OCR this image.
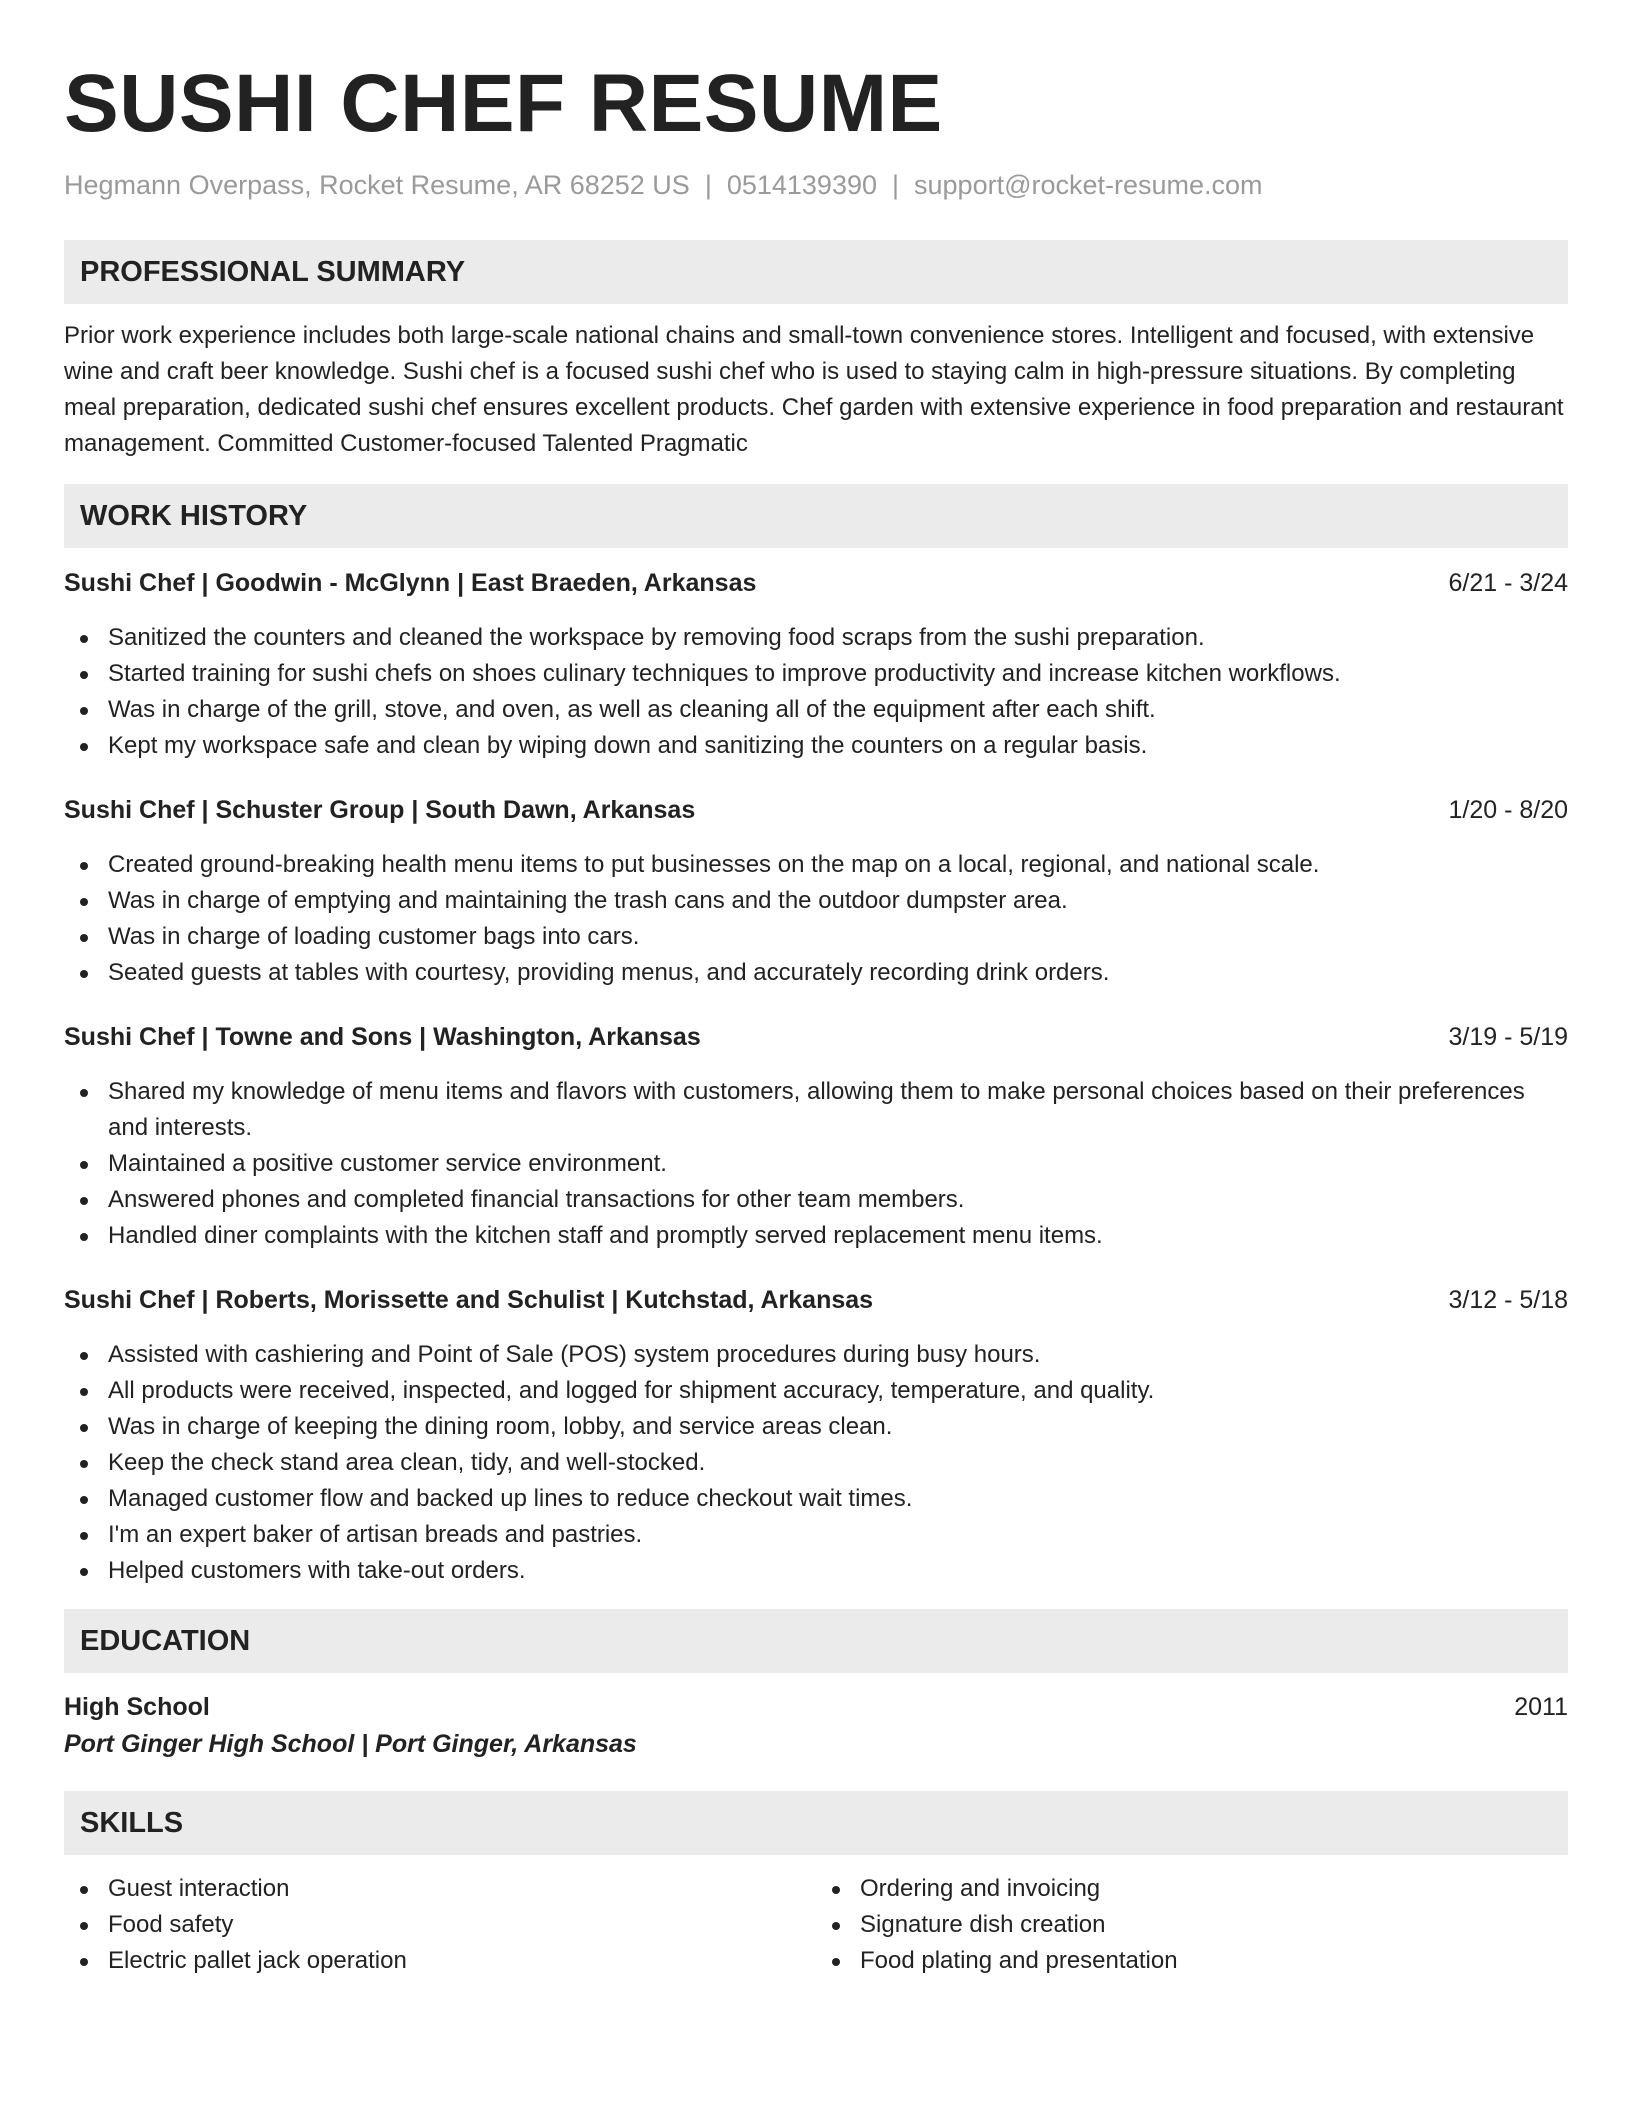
SUSHI CHEF RESUME
Hegmann Overpass, Rocket Resume, AR 68252 US | 0514139390 | support@rocket-resume.com
PROFESSIONAL SUMMARY
Prior work experience includes both large-scale national chains and small-town convenience stores. Intelligent and focused, with extensive wine and craft beer knowledge. Sushi chef is a focused sushi chef who is used to staying calm in high-pressure situations. By completing meal preparation, dedicated sushi chef ensures excellent products. Chef garden with extensive experience in food preparation and restaurant management. Committed Customer-focused Talented Pragmatic
WORK HISTORY
Sushi Chef | Goodwin - McGlynn | East Braeden, Arkansas	6/21 - 3/24
Sanitized the counters and cleaned the workspace by removing food scraps from the sushi preparation.
Started training for sushi chefs on shoes culinary techniques to improve productivity and increase kitchen workflows.
Was in charge of the grill, stove, and oven, as well as cleaning all of the equipment after each shift.
Kept my workspace safe and clean by wiping down and sanitizing the counters on a regular basis.
Sushi Chef | Schuster Group | South Dawn, Arkansas	1/20 - 8/20
Created ground-breaking health menu items to put businesses on the map on a local, regional, and national scale.
Was in charge of emptying and maintaining the trash cans and the outdoor dumpster area.
Was in charge of loading customer bags into cars.
Seated guests at tables with courtesy, providing menus, and accurately recording drink orders.
Sushi Chef | Towne and Sons | Washington, Arkansas	3/19 - 5/19
Shared my knowledge of menu items and flavors with customers, allowing them to make personal choices based on their preferences and interests.
Maintained a positive customer service environment.
Answered phones and completed financial transactions for other team members.
Handled diner complaints with the kitchen staff and promptly served replacement menu items.
Sushi Chef | Roberts, Morissette and Schulist | Kutchstad, Arkansas	3/12 - 5/18
Assisted with cashiering and Point of Sale (POS) system procedures during busy hours.
All products were received, inspected, and logged for shipment accuracy, temperature, and quality.
Was in charge of keeping the dining room, lobby, and service areas clean.
Keep the check stand area clean, tidy, and well-stocked.
Managed customer flow and backed up lines to reduce checkout wait times.
I'm an expert baker of artisan breads and pastries.
Helped customers with take-out orders.
EDUCATION
High School	2011
Port Ginger High School | Port Ginger, Arkansas
SKILLS
Guest interaction
Food safety
Electric pallet jack operation
Ordering and invoicing
Signature dish creation
Food plating and presentation
